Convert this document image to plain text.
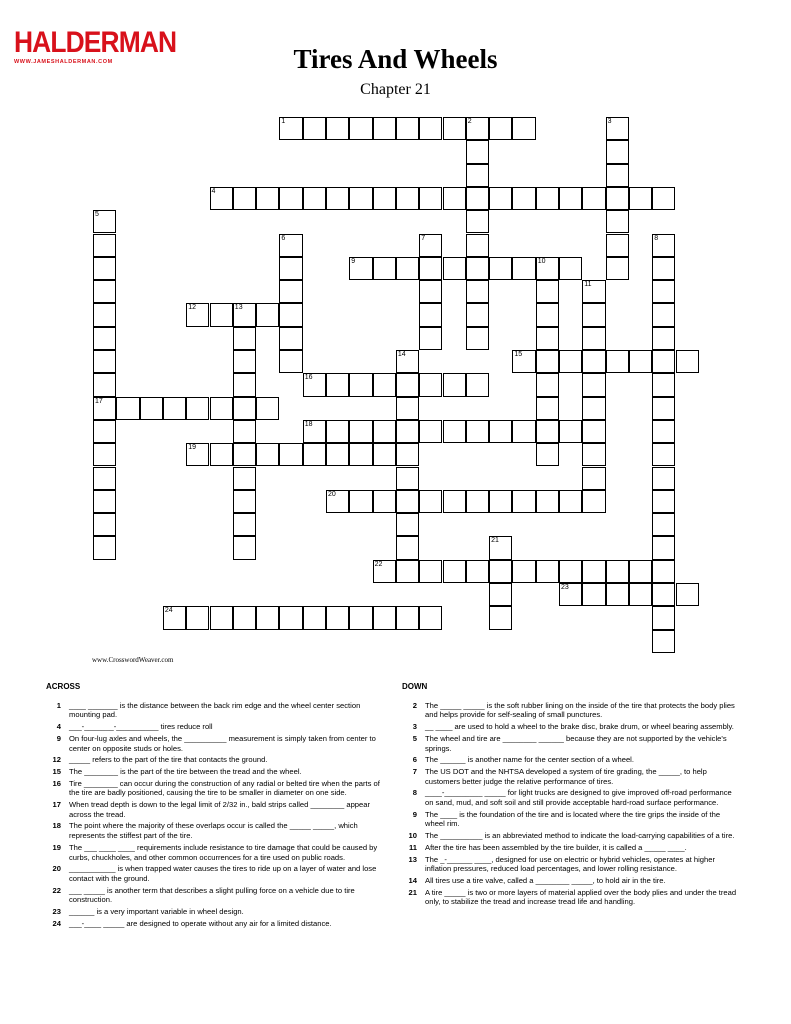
HALDERMAN
WWW.JAMESHALDERMAN.COM	Tires And Wheels
Chapter 21
1	2	3
4
5
17
6	7	8
9	10
11
12	13
14	15
16
18
19
20
21
22
23
24
www.CrosswordWeaver.com
ACROSS
1	____ _______ is the distance between the back rim edge and the wheel center section mounting pad.
4	___-_______-__________ tires reduce roll
9	On four-lug axles and wheels, the __________ measurement is simply taken from center to center on opposite studs or holes.
12	_____ refers to the part of the tire that contacts the ground.
15	The ________ is the part of the tire between the tread and the wheel.
16	Tire ________ can occur during the construction of any radial or belted tire when the parts of the tire are badly positioned, causing the tire to be smaller in diameter on one side.
17	When tread depth is down to the legal limit of 2/32 in., bald strips called ________ appear across the tread.
18	The point where the majority of these overlaps occur is called the _____ _____, which represents the stiffest part of the tire.
19	The ___ ____ ____ requirements include resistance to tire damage that could be caused by curbs, chuckholes, and other common occurrences for a tire used on public roads.
20	___________ is when trapped water causes the tires to ride up on a layer of water and lose contact with the ground.
22	___ _____ is another term that describes a slight pulling force on a vehicle due to tire construction.
23	______ is a very important variable in wheel design.
24	___-____ _____ are designed to operate without any air for a limited distance.
DOWN
2	The _____ _____ is the soft rubber lining on the inside of the tire that protects the body plies and helps provide for self-sealing of small punctures.
3	__ ____ are used to hold a wheel to the brake disc, brake drum, or wheel bearing assembly.
5	The wheel and tire are ________ ______ because they are not supported by the vehicle's springs.
6	The ______ is another name for the center section of a wheel.
7	The US DOT and the NHTSA developed a system of tire grading, the _____, to help customers better judge the relative performance of tires.
8	____-_________ _____ for light trucks are designed to give improved off-road performance on sand, mud, and soft soil and still provide acceptable hard-road surface performance.
9	The ____ is the foundation of the tire and is located where the tire grips the inside of the wheel rim.
10	The __________ is an abbreviated method to indicate the load-carrying capabilities of a tire.
11	After the tire has been assembled by the tire builder, it is called a _____ ____.
13	The _-______ ____, designed for use on electric or hybrid vehicles, operates at higher inflation pressures, reduced load percentages, and lower rolling resistance.
14	All tires use a tire valve, called a ________ _____, to hold air in the tire.
21	A tire _____ is two or more layers of material applied over the body plies and under the tread only, to stabilize the tread and increase tread life and handling.
